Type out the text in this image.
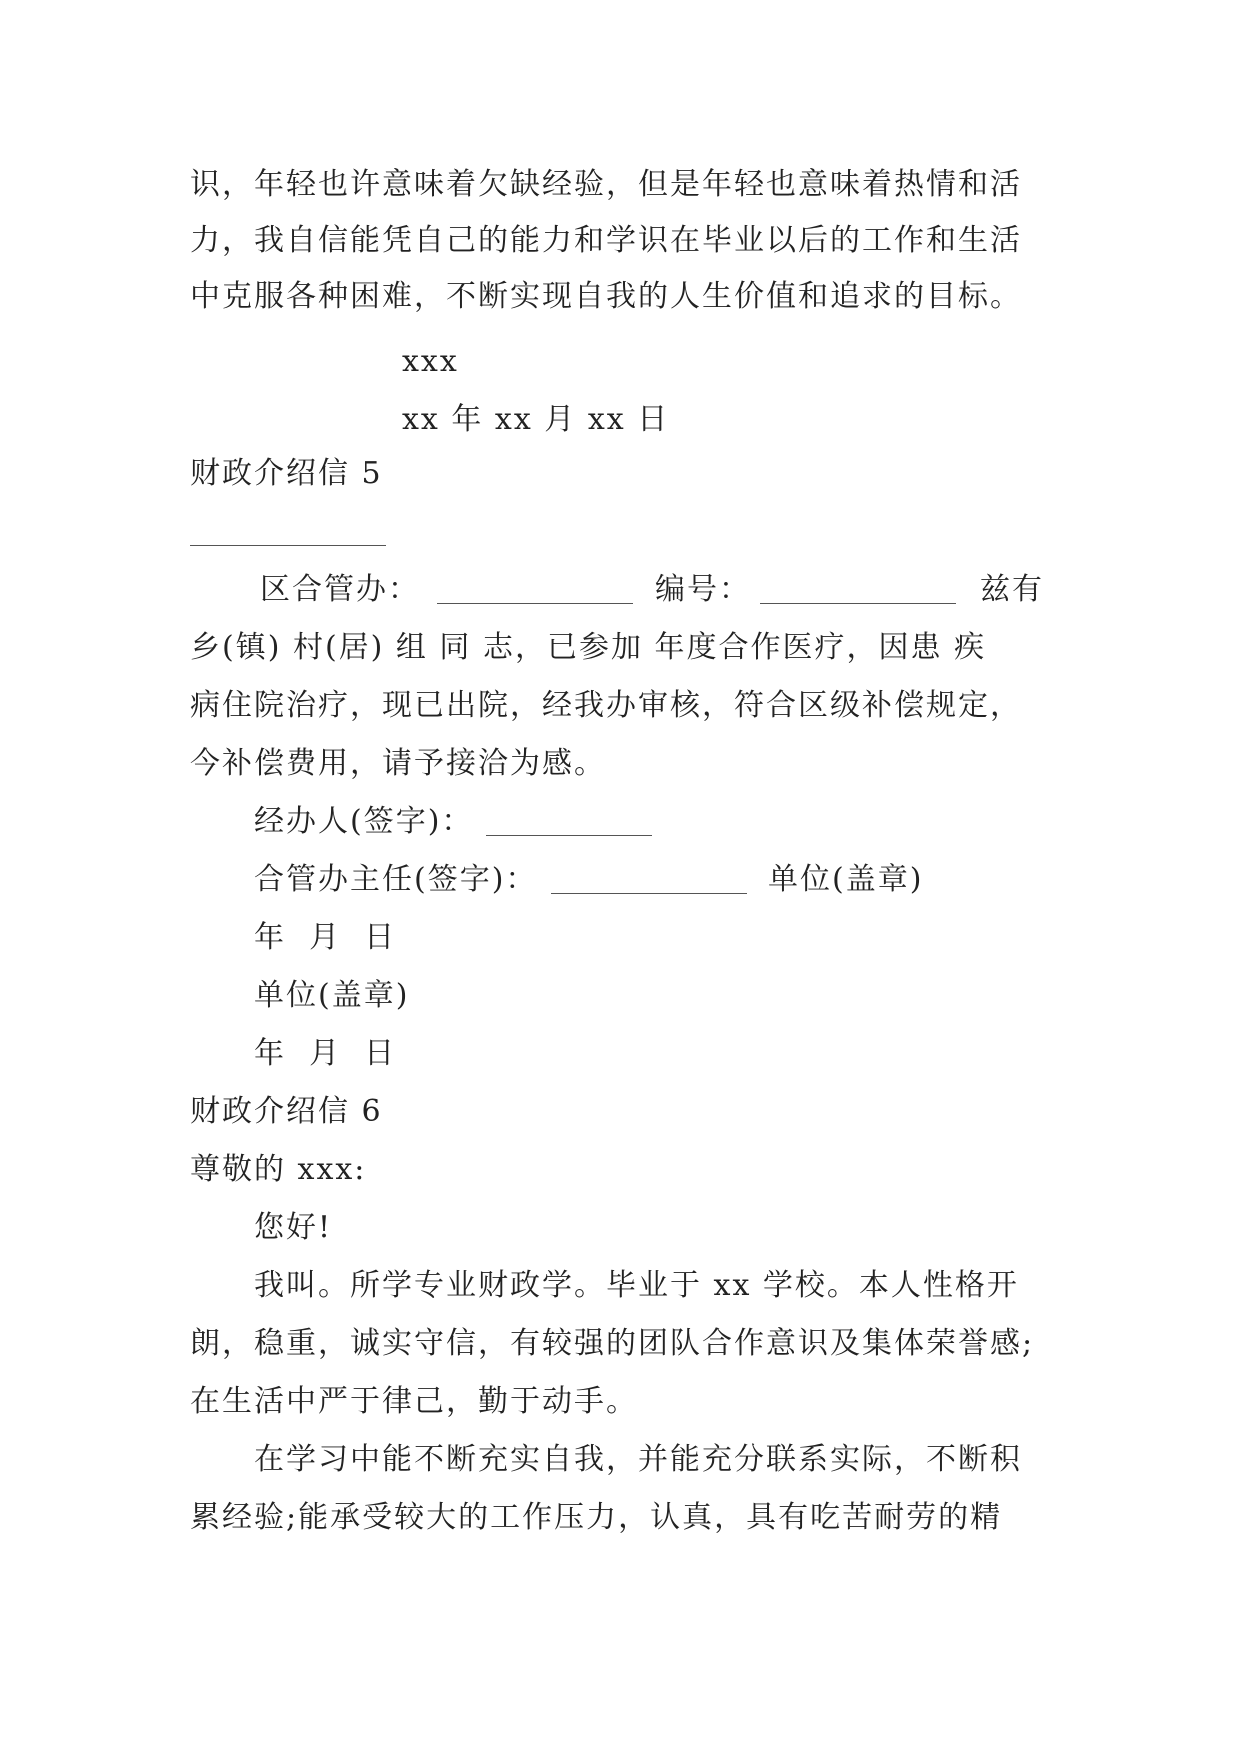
识，年轻也许意味着欠缺经验，但是年轻也意味着热情和活
力，我自信能凭自己的能力和学识在毕业以后的工作和生活
中克服各种困难，不断实现自我的人生价值和追求的目标。
xxx
xx 年 xx 月 xx 日
财政介绍信 5
区合管办：	编号：	兹有
乡(镇) 村(居) 组 同 志，已参加 年度合作医疗，因患 疾
病住院治疗，现已出院，经我办审核，符合区级补偿规定，
今补偿费用，请予接洽为感。
经办人(签字)：
合管办主任(签字)：	单位(盖章)
年  月  日
单位(盖章)
年  月  日
财政介绍信 6
尊敬的 xxx:
您好!
我叫。所学专业财政学。毕业于 xx 学校。本人性格开
朗，稳重，诚实守信，有较强的团队合作意识及集体荣誉感;
在生活中严于律己，勤于动手。
在学习中能不断充实自我，并能充分联系实际，不断积
累经验;能承受较大的工作压力，认真，具有吃苦耐劳的精
